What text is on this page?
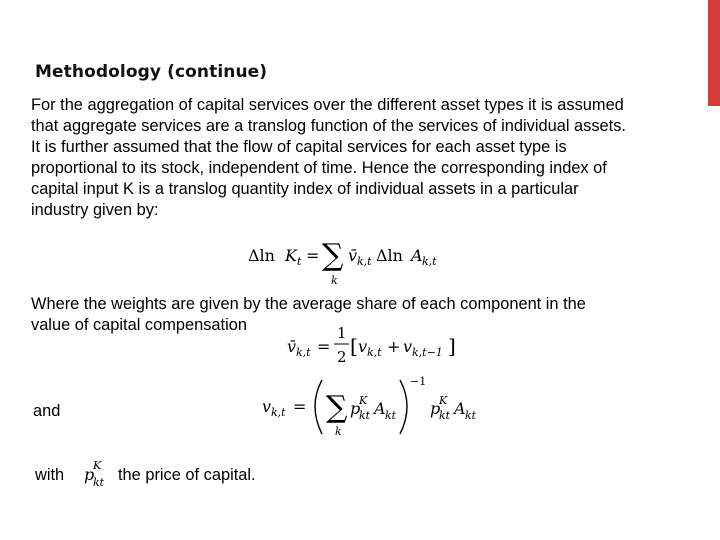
Methodology (continue)
For the aggregation of capital services over the different asset types it is assumed
that aggregate services are a translog function of the services of individual assets.
It is further assumed that the flow of capital services for each asset type is
proportional to its stock, independent of time. Hence the corresponding index of
capital input K is a translog quantity index of individual assets in a particular
industry given by:
Δln K t = ∑
k
v̄ k,t Δln A k,t
Where the weights are given by the average share of each component in the
value of capital compensation
v̄ k,t =
1
2 [ v k,t + v k,t−1 ]
and	v k,t = ∑
k
p
K
kt A kt
−1
p
K
kt A kt
with p
K
kt the price of capital.
